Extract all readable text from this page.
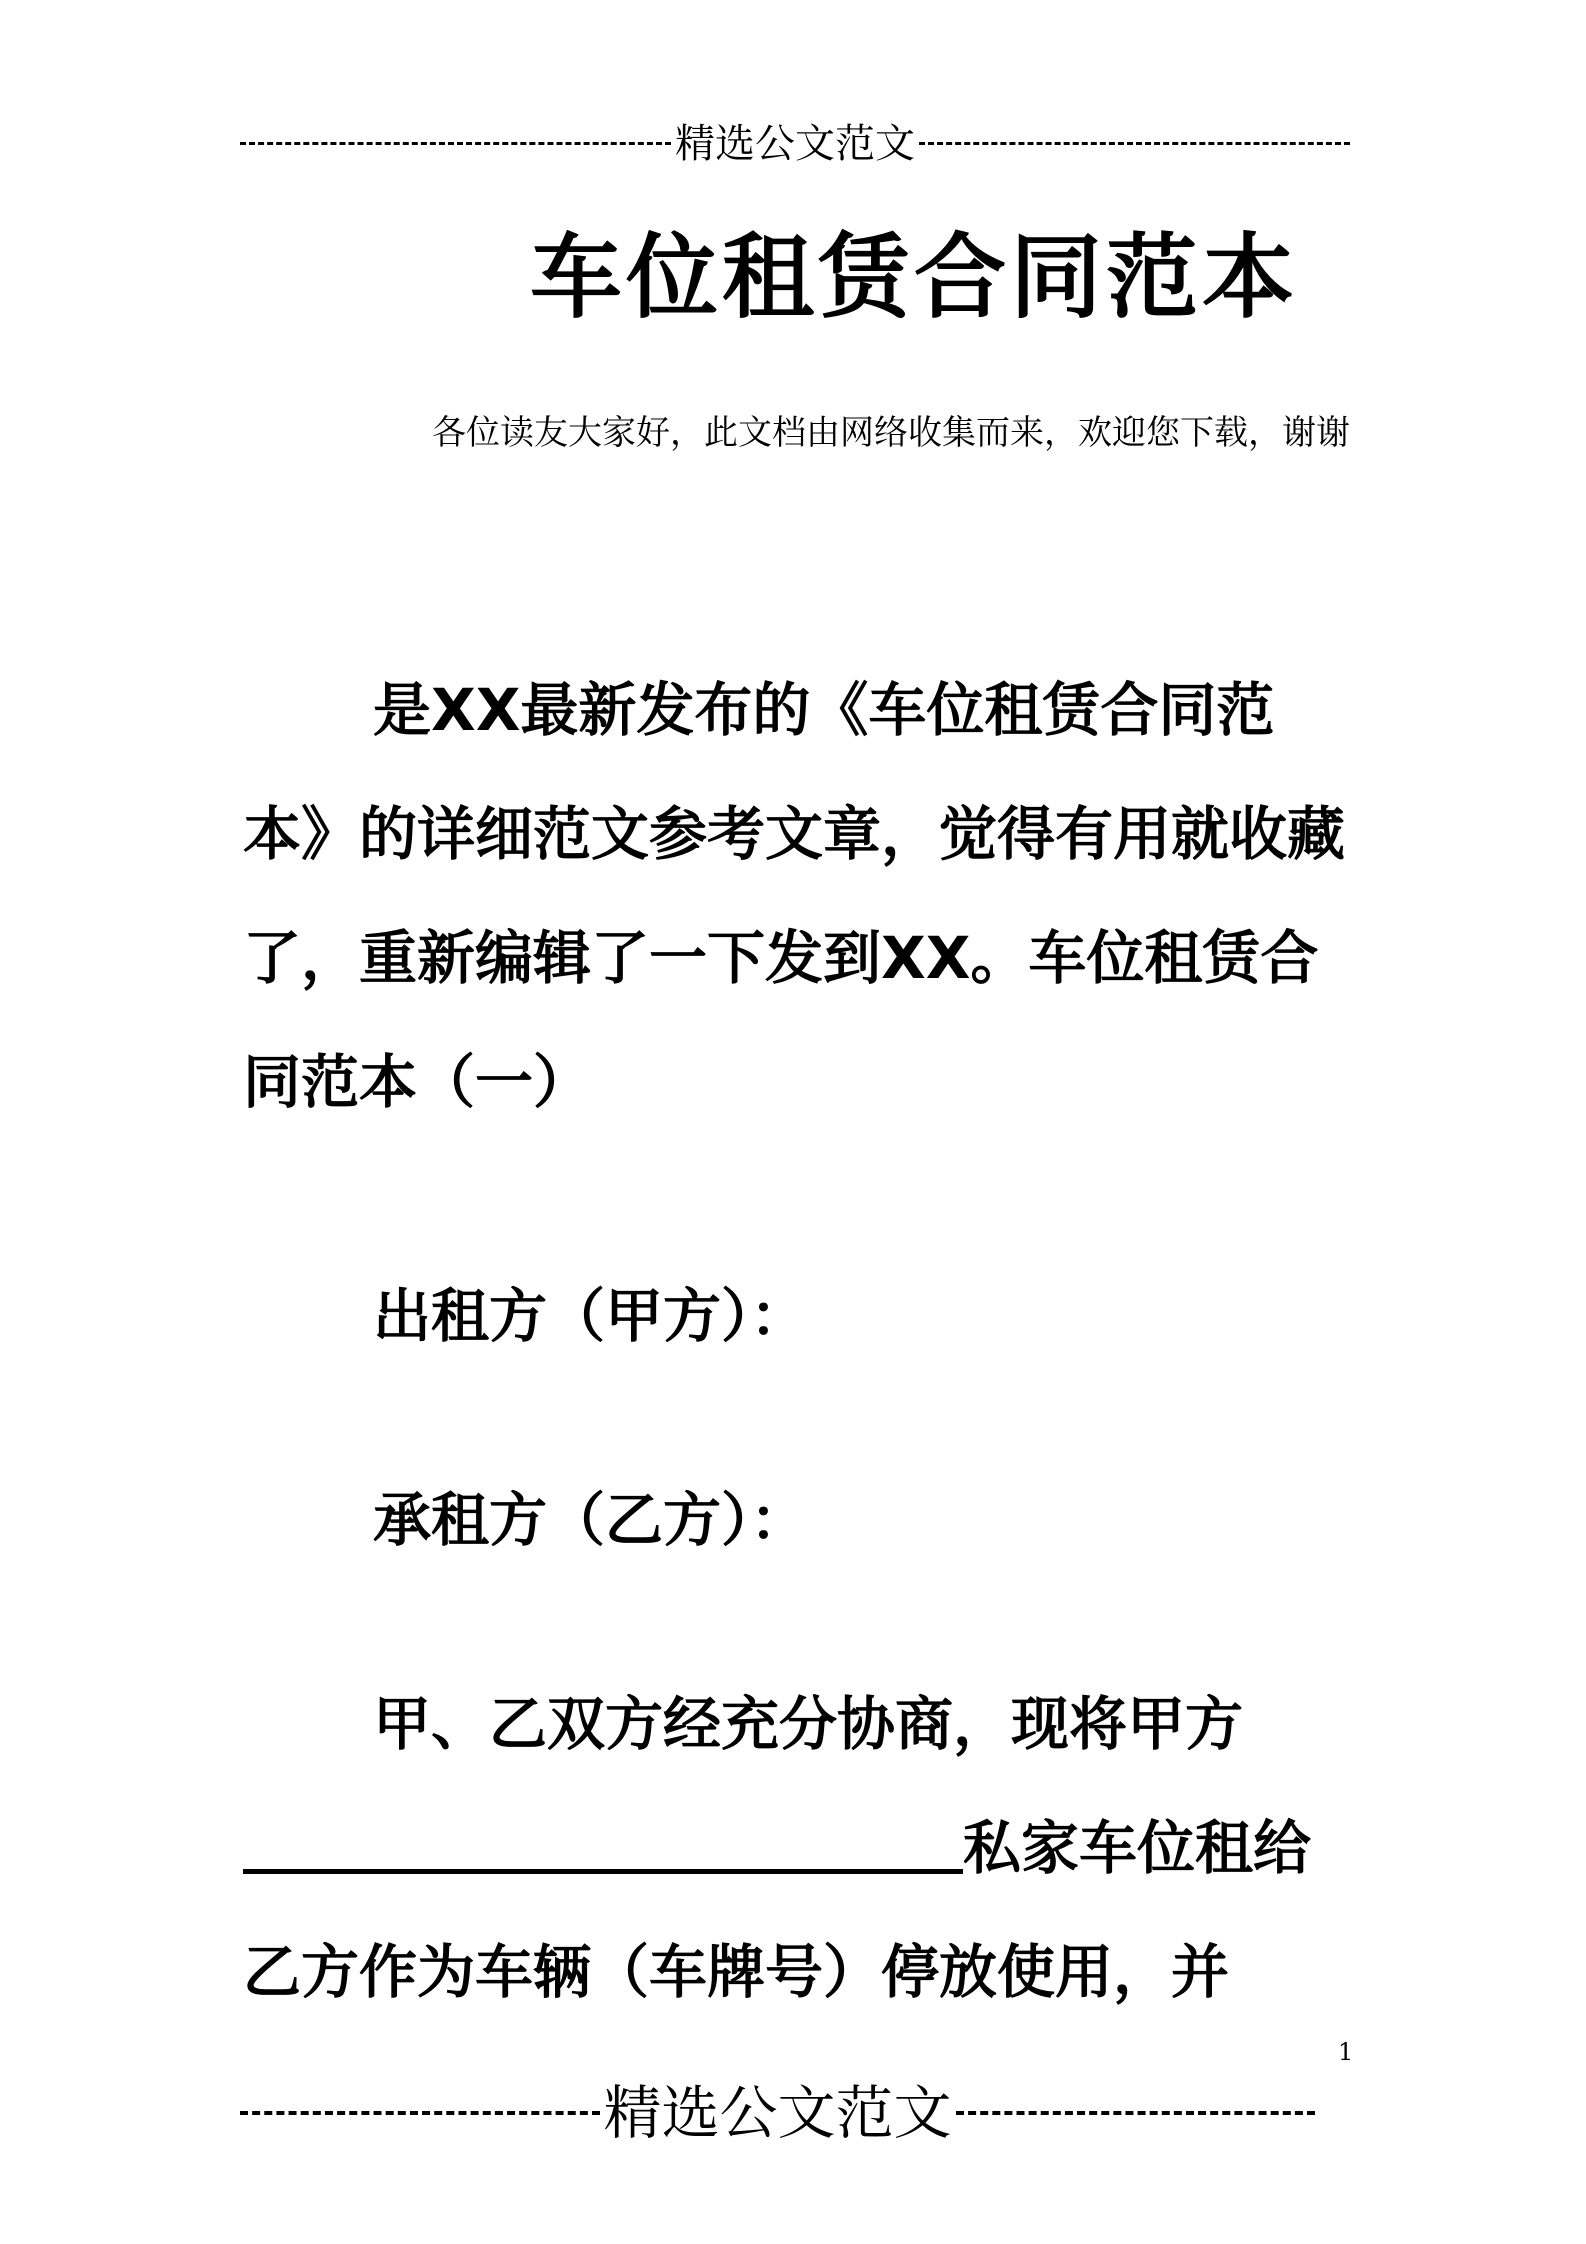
精选公文范文
车位租赁合同范本
各位读友大家好，此文档由网络收集而来，欢迎您下载，谢谢
是XX最新发布的《车位租赁合同范本》的详细范文参考文章，觉得有用就收藏了，重新编辑了一下发到XX。车位租赁合同范本（一）
出租方（甲方）：
承租方（乙方）：
甲、乙双方经充分协商，现将甲方私家车位租给乙方作为车辆（车牌号）停放使用，并
1
精选公文范文
